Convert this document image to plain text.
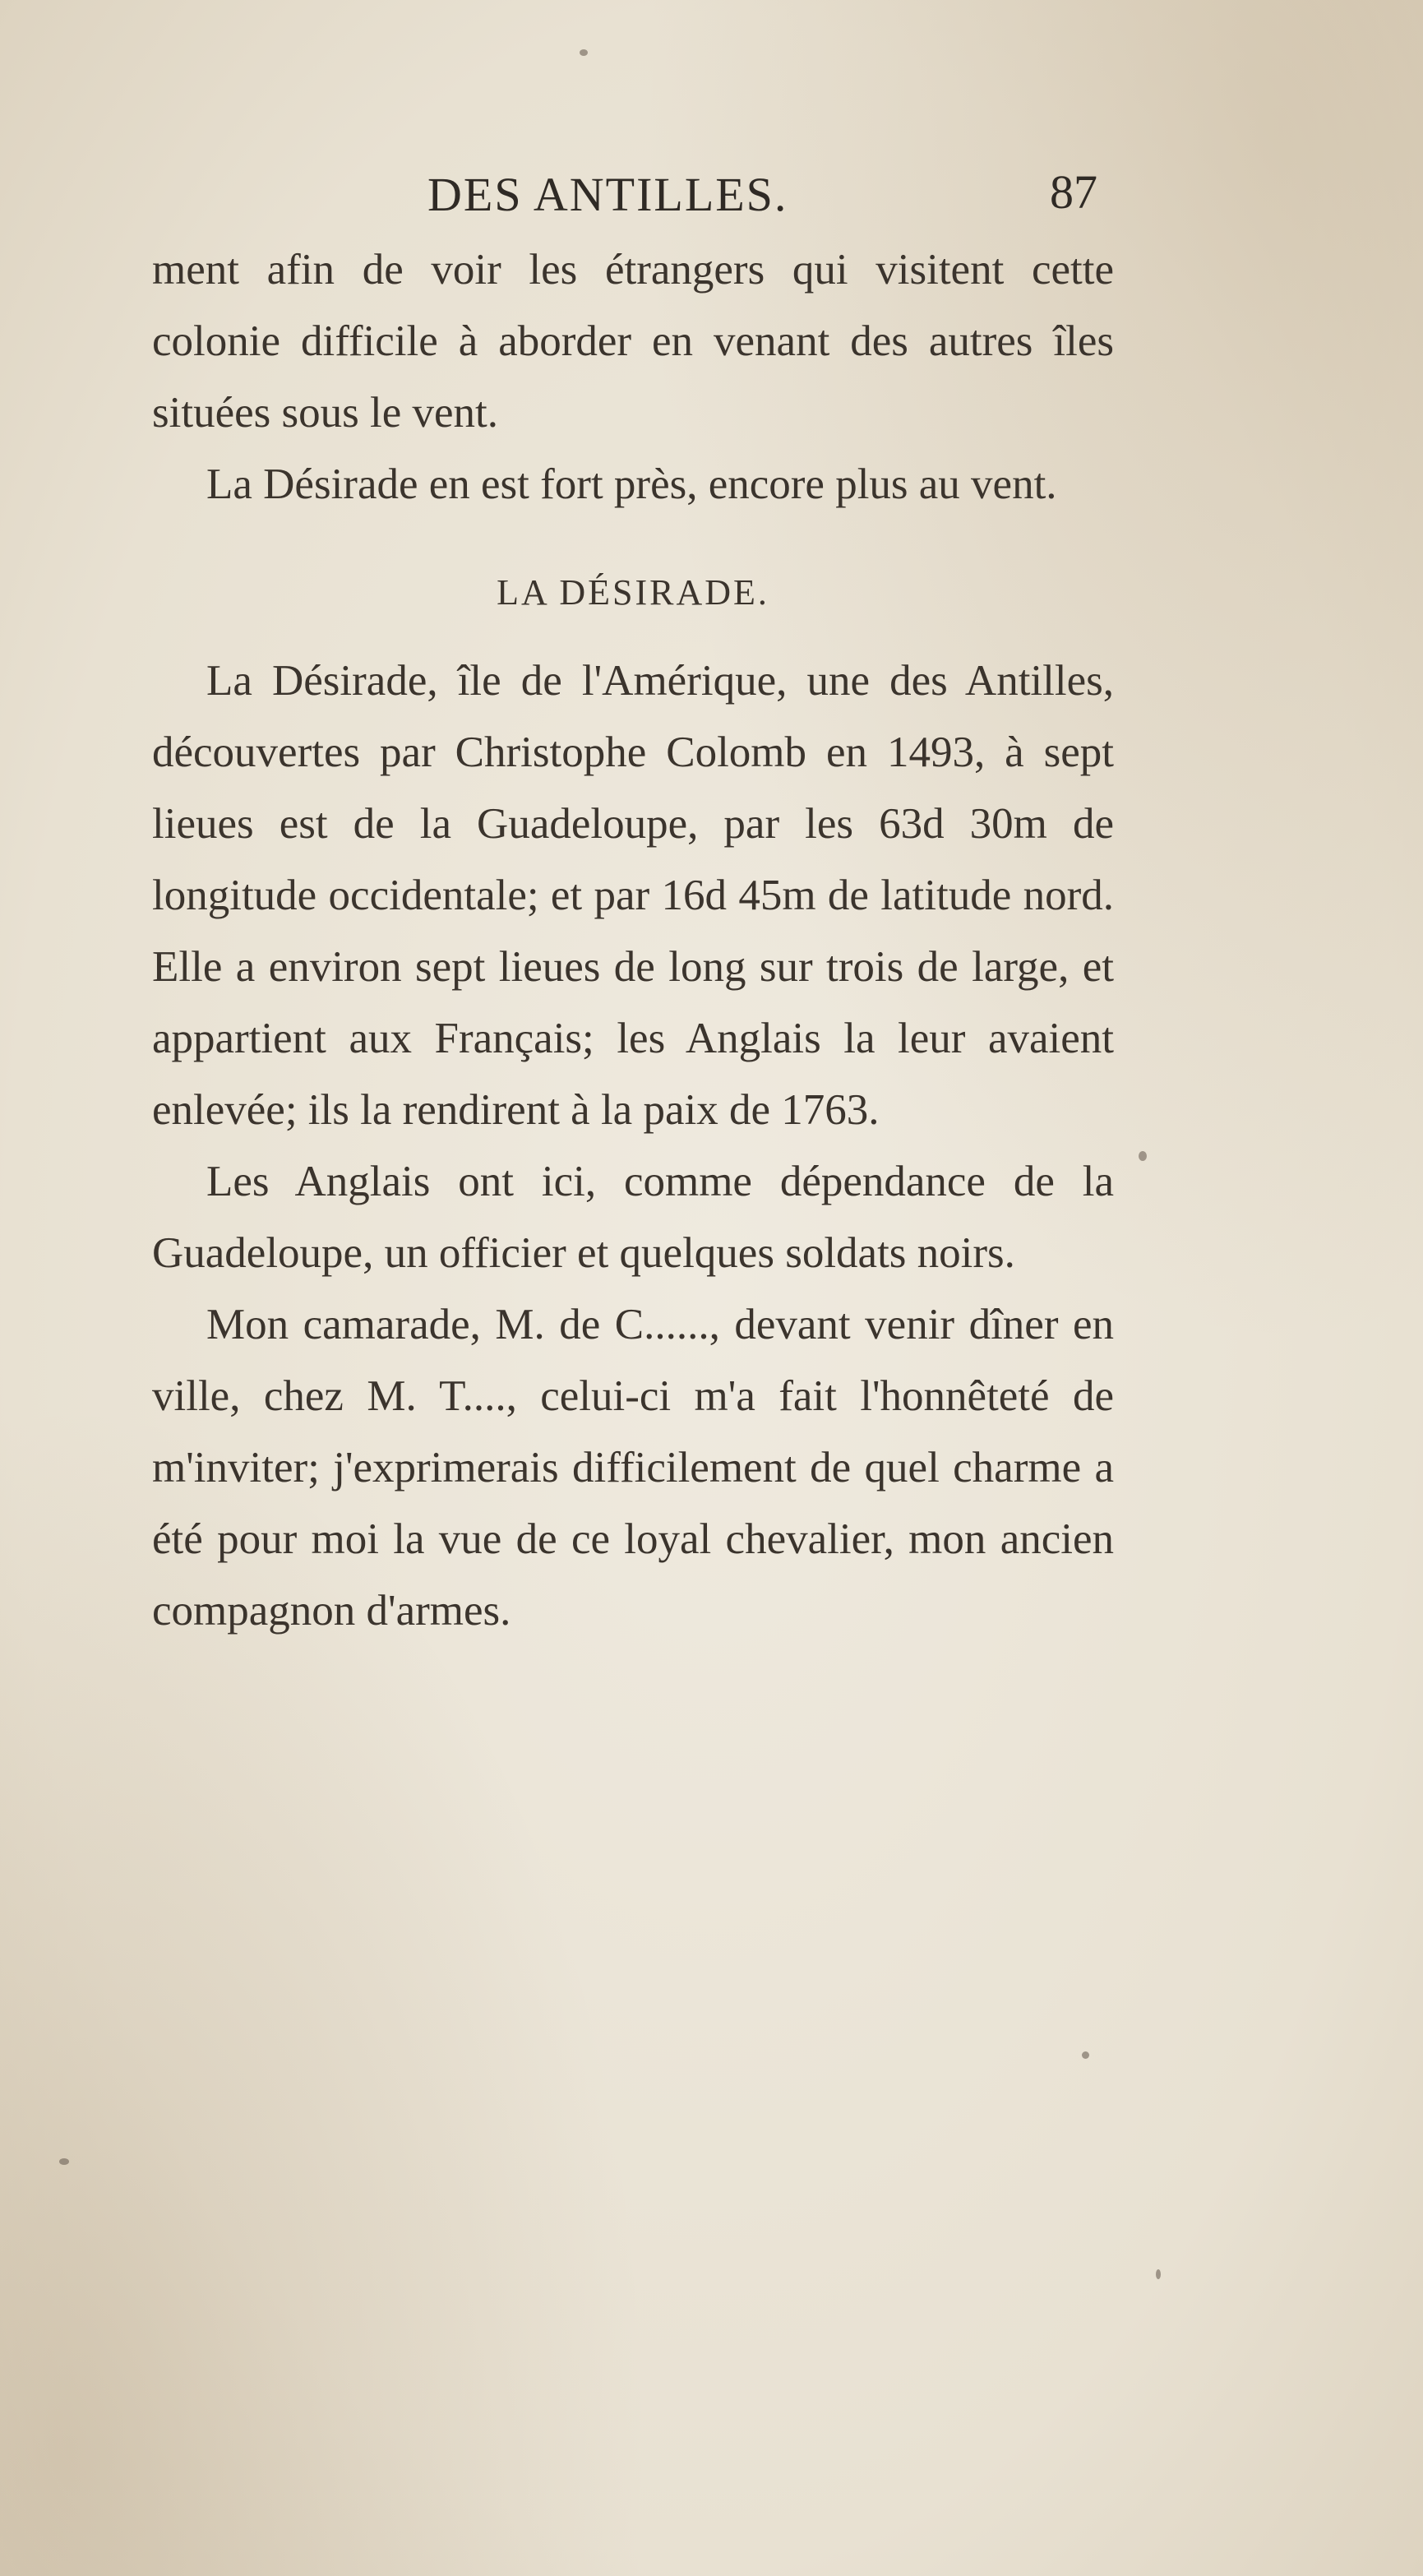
DES ANTILLES.	87

ment afin de voir les étrangers qui visitent cette colonie difficile à aborder en venant des autres îles situées sous le vent.

La Désirade en est fort près, encore plus au vent.

LA DÉSIRADE.

La Désirade, île de l'Amérique, une des Antilles, découvertes par Christophe Colomb en 1493, à sept lieues est de la Guadeloupe, par les 63d 30m de longitude occidentale; et par 16d 45m de latitude nord. Elle a environ sept lieues de long sur trois de large, et appartient aux Français; les Anglais la leur avaient enlevée; ils la rendirent à la paix de 1763.

Les Anglais ont ici, comme dépendance de la Guadeloupe, un officier et quelques soldats noirs.

Mon camarade, M. de C......, devant venir dîner en ville, chez M. T...., celui-ci m'a fait l'honnêteté de m'inviter; j'exprimerais difficilement de quel charme a été pour moi la vue de ce loyal chevalier, mon ancien compagnon d'armes.
